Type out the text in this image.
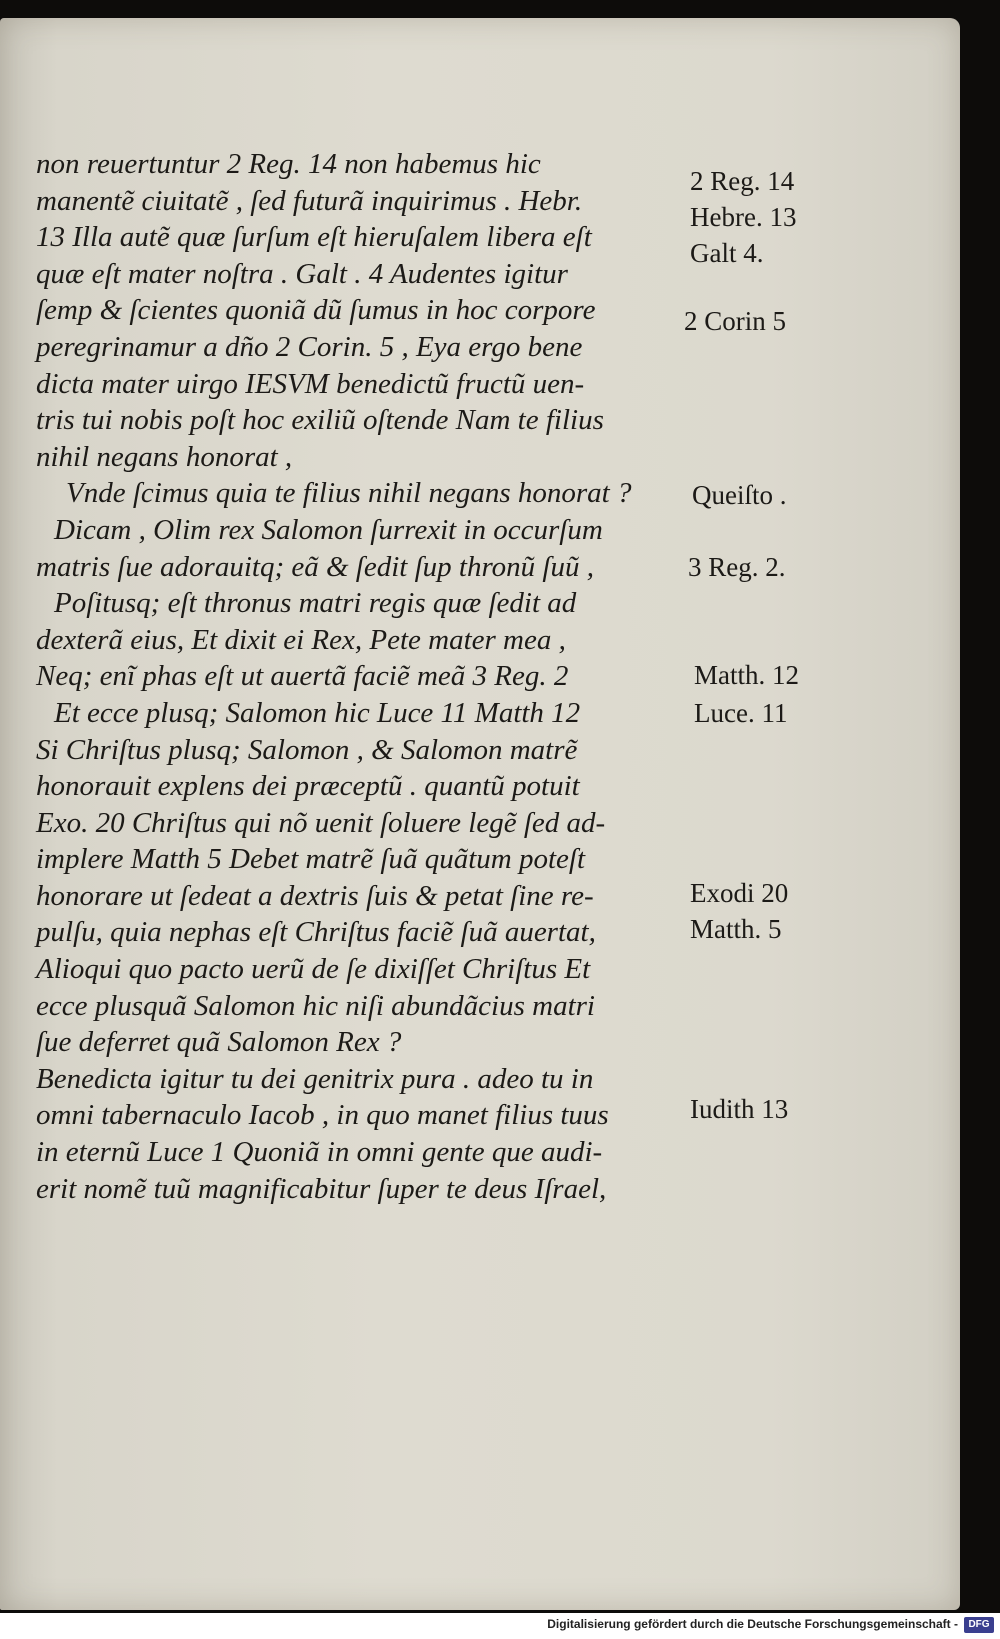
non reuertuntur 2 Reg. 14 non habemus hic
manentẽ ciuitatẽ , ſed futurã inquirimus . Hebr.
13 Illa autẽ quæ ſurſum eſt hieruſalem libera eſt
quæ eſt mater noſtra . Galt . 4 Audentes igitur
ſemp & ſcientes quoniã dũ ſumus in hoc corpore
peregrinamur a dño 2 Corin. 5 , Eya ergo bene
dicta mater uirgo IESVM benedictũ fructũ uen-
tris tui nobis poſt hoc exiliũ oſtende Nam te filius
nihil negans honorat ,
Vnde ſcimus quia te filius nihil negans honorat ?
Dicam , Olim rex Salomon ſurrexit in occurſum
matris ſue adorauitq; eã & ſedit ſup thronũ ſuũ ,
Poſitusq; eſt thronus matri regis quæ ſedit ad
dexterã eius, Et dixit ei Rex, Pete mater mea ,
Neq; enĩ phas eſt ut auertã faciẽ meã 3 Reg. 2
Et ecce plusq; Salomon hic Luce 11 Matth 12
Si Chriſtus plusq; Salomon , & Salomon matrẽ
honorauit explens dei præceptũ . quantũ potuit
Exo. 20 Chriſtus qui nõ uenit ſoluere legẽ ſed ad-
implere Matth 5 Debet matrẽ ſuã quãtum poteſt
honorare ut ſedeat a dextris ſuis & petat ſine re-
pulſu, quia nephas eſt Chriſtus faciẽ ſuã auertat,
Alioqui quo pacto uerũ de ſe dixiſſet Chriſtus Et
ecce plusquã Salomon hic niſi abundãcius matri
ſue deferret quã Salomon Rex ?
Benedicta igitur tu dei genitrix pura . adeo tu in
omni tabernaculo Iacob , in quo manet filius tuus
in eternũ Luce 1 Quoniã in omni gente que audi-
erit nomẽ tuũ magnificabitur ſuper te deus Iſrael,
2 Reg. 14
Hebre. 13
Galt 4.
2 Corin 5
Queiſto .
3 Reg. 2.
Matth. 12
Luce. 11
Exodi 20
Matth. 5
Iudith 13
Digitalisierung gefördert durch die Deutsche Forschungsgemeinschaft -	DFG
